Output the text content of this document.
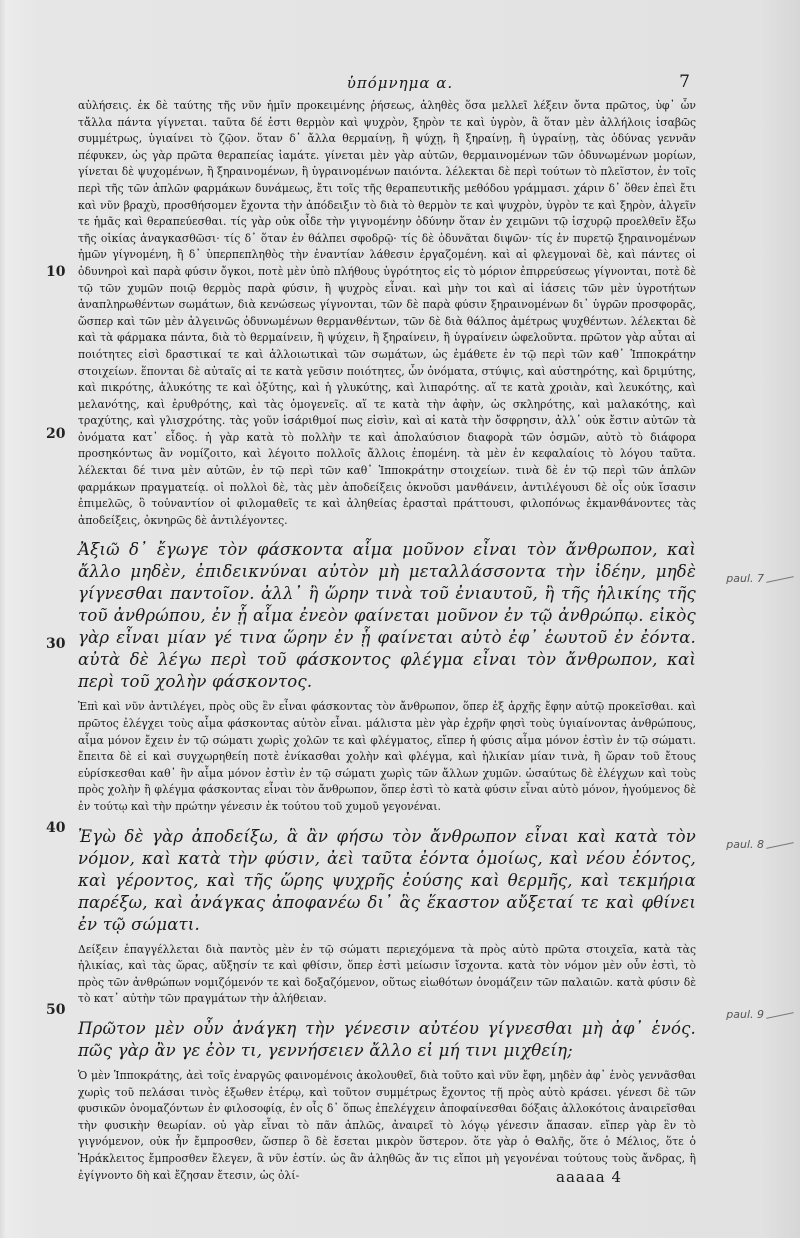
ὑπόμνημα α.	7
10
20
30
40
50

αὐλήσεις. ἐκ δὲ ταύτης τῆς νῦν ἡμῖν προκειμένης ῥήσεως, ἀληθὲς ὅσα μελλεῖ λέξειν ὄντα πρῶτος, ὑφ᾽ ὧν τἄλλα πάντα γίγνεται. ταῦτα δέ ἐστι θερμὸν καὶ ψυχρὸν, ξηρὸν τε καὶ ὑγρὸν, ἃ ὅταν μὲν ἀλλήλοις ἰσαβῶς συμμέτρως, ὑγιαίνει τὸ ζῷον. ὅταν δ᾽ ἄλλα θερμαίνῃ, ἢ ψύχῃ, ἢ ξηραίνῃ, ἢ ὑγραίνῃ, τὰς ὀδύνας γεννᾶν πέφυκεν, ὡς γὰρ πρῶτα θεραπείας ἰαμάτε. γίνεται μὲν γὰρ αὐτῶν, θερμαινομένων τῶν ὀδυνωμένων μορίων, γίνεται δὲ ψυχομένων, ἢ ξηραινομένων, ἢ ὑγραινομένων παιόντα. λέλεκται δὲ περὶ τούτων τὸ πλεῖστον, ἐν τοῖς περὶ τῆς τῶν ἁπλῶν φαρμάκων δυνάμεως, ἔτι τοῖς τῆς θεραπευτικῆς μεθόδου γράμμασι. χάριν δ᾽ ὅθεν ἐπεὶ ἔτι καὶ νῦν βραχὺ, προσθήσομεν ἔχοντα τὴν ἀπόδειξιν τὸ διὰ τὸ θερμὸν τε καὶ ψυχρὸν, ὑγρὸν τε καὶ ξηρὸν, ἀλγεῖν τε ἡμᾶς καὶ θεραπεύεσθαι. τίς γὰρ οὐκ οἶδε τὴν γιγνομένην ὀδύνην ὅταν ἐν χειμῶνι τῷ ἰσχυρῷ προελθεῖν ἔξω τῆς οἰκίας ἀναγκασθῶσι· τίς δ᾽ ὅταν ἐν θάλπει σφοδρῷ· τίς δὲ ὀδυνᾶται διψῶν· τίς ἐν πυρετῷ ξηραινομένων ἡμῶν γίγνομένη, ἢ δ᾽ ὑπερπεπληθὸς τὴν ἐναντίαν λάθεσιν ἐργαζομένη. καὶ αἱ φλεγμοναὶ δὲ, καὶ πάντες οἱ ὀδυνηροὶ καὶ παρὰ φύσιν ὄγκοι, ποτὲ μὲν ὑπὸ πλήθους ὑγρότητος εἰς τὸ μόριον ἐπιρρεύσεως γίγνονται, ποτὲ δὲ τῷ τῶν χυμῶν ποιῷ θερμὸς παρὰ φύσιν, ἢ ψυχρὸς εἶναι. καὶ μὴν τοι καὶ αἱ ἰάσεις τῶν μὲν ὑγροτήτων ἀναπληρωθέντων σωμάτων, διὰ κενώσεως γίγνονται, τῶν δὲ παρὰ φύσιν ξηραινομένων δι᾽ ὑγρῶν προσφορᾶς, ὥσπερ καὶ τῶν μὲν ἀλγεινῶς ὀδυνωμένων θερμανθέντων, τῶν δὲ διὰ θάλπος ἀμέτρως ψυχθέντων. λέλεκται δὲ καὶ τὰ φάρμακα πάντα, διὰ τὸ θερμαίνειν, ἢ ψύχειν, ἢ ξηραίνειν, ἢ ὑγραίνειν ὠφελοῦντα. πρῶτον γὰρ αὗται αἱ ποιότητες εἰσὶ δραστικαί τε καὶ ἀλλοιωτικαὶ τῶν σωμάτων, ὡς ἐμάθετε ἐν τῷ περὶ τῶν καθ᾽ Ἱπποκράτην στοιχείων. ἕπονται δὲ αὐταῖς αἱ τε κατὰ γεῦσιν ποιότητες, ὧν ὀνόματα, στύψις, καὶ αὐστηρότης, καὶ δριμύτης, καὶ πικρότης, ἁλυκότης τε καὶ ὀξύτης, καὶ ἡ γλυκύτης, καὶ λιπαρότης. αἵ τε κατὰ χροιὰν, καὶ λευκότης, καὶ μελανότης, καὶ ἐρυθρότης, καὶ τὰς ὁμογενεῖς. αἵ τε κατὰ τὴν ἀφὴν, ὡς σκληρότης, καὶ μαλακότης, καὶ τραχύτης, καὶ γλισχρότης. τὰς γοῦν ἰσάριθμοί πως εἰσὶν, καὶ αἱ κατὰ τὴν ὄσφρησιν, ἀλλ᾽ οὐκ ἔστιν αὐτῶν τὰ ὀνόματα κατ᾽ εἶδος. ἡ γὰρ κατὰ τὸ πολλὴν τε καὶ ἀπολαύσιον διαφορὰ τῶν ὀσμῶν, αὐτὸ τὸ διάφορα προσηκόντως ἂν νομίζοιτο, καὶ λέγοιτο πολλοῖς ἄλλοις ἑπομένη. τὰ μὲν ἐν κεφαλαίοις τὸ λόγου ταῦτα. λέλεκται δέ τινα μὲν αὐτῶν, ἐν τῷ περὶ τῶν καθ᾽ Ἱπποκράτην στοιχείων. τινὰ δὲ ἐν τῷ περὶ τῶν ἁπλῶν φαρμάκων πραγματείᾳ. οἱ πολλοὶ δὲ, τὰς μὲν ἀποδείξεις ὀκνοῦσι μανθάνειν, ἀντιλέγουσι δὲ οἷς οὐκ ἴσασιν ἐπιμελῶς, ὃ τοὐναντίον οἱ φιλομαθεῖς τε καὶ ἀληθείας ἐρασταὶ πράττουσι, φιλοπόνως ἐκμανθάνοντες τὰς ἀποδείξεις, ὀκνηρῶς δὲ ἀντιλέγοντες.

Ἀξιῶ δ᾽ ἔγωγε τὸν φάσκοντα αἷμα μοῦνον εἶναι τὸν ἄνθρωπον, καὶ ἄλλο μηδὲν, ἐπιδεικνύναι αὐτὸν μὴ μεταλλάσσοντα τὴν ἰδέην, μηδὲ γίγνεσθαι παντοῖον. ἀλλ᾽ ἢ ὥρην τινὰ τοῦ ἐνιαυτοῦ, ἢ τῆς ἡλικίης τῆς τοῦ ἀνθρώπου, ἐν ᾗ αἷμα ἐνεὸν φαίνεται μοῦνον ἐν τῷ ἀνθρώπῳ. εἰκὸς γὰρ εἶναι μίαν γέ τινα ὥρην ἐν ᾗ φαίνεται αὐτὸ ἐφ᾽ ἑωυτοῦ ἐν ἐόντα. αὐτὰ δὲ λέγω περὶ τοῦ φάσκοντος φλέγμα εἶναι τὸν ἄνθρωπον, καὶ περὶ τοῦ χολὴν φάσκοντος.

Ἐπὶ καὶ νῦν ἀντιλέγει, πρὸς οὓς ἓν εἶναι φάσκοντας τὸν ἄνθρωπον, ὅπερ ἐξ ἀρχῆς ἔφην αὐτῷ προκεῖσθαι. καὶ πρῶτος ἐλέγχει τοὺς αἷμα φάσκοντας αὐτὸν εἶναι. μάλιστα μὲν γὰρ ἐχρῆν φησὶ τοὺς ὑγιαίνοντας ἀνθρώπους, αἷμα μόνον ἔχειν ἐν τῷ σώματι χωρὶς χολῶν τε καὶ φλέγματος, εἴπερ ἡ φύσις αἷμα μόνον ἐστὶν ἐν τῷ σώματι. ἔπειτα δὲ εἰ καὶ συγχωρηθείη ποτὲ ἐνίκασθαι χολὴν καὶ φλέγμα, καὶ ἡλικίαν μίαν τινὰ, ἢ ὥραν τοῦ ἔτους εὑρίσκεσθαι καθ᾽ ἣν αἷμα μόνον ἐστὶν ἐν τῷ σώματι χωρὶς τῶν ἄλλων χυμῶν. ὡσαύτως δὲ ἐλέγχων καὶ τοὺς πρὸς χολὴν ἢ φλέγμα φάσκοντας εἶναι τὸν ἄνθρωπον, ὅπερ ἐστὶ τὸ κατὰ φύσιν εἶναι αὐτὸ μόνον, ἡγούμενος δὲ ἐν τούτῳ καὶ τὴν πρώτην γένεσιν ἐκ τούτου τοῦ χυμοῦ γεγονέναι.

Ἐγὼ δὲ γὰρ ἀποδείξω, ἃ ἂν φήσω τὸν ἄνθρωπον εἶναι καὶ κατὰ τὸν νόμον, καὶ κατὰ τὴν φύσιν, ἀεὶ ταῦτα ἐόντα ὁμοίως, καὶ νέου ἐόντος, καὶ γέροντος, καὶ τῆς ὥρης ψυχρῆς ἐούσης καὶ θερμῆς, καὶ τεκμήρια παρέξω, καὶ ἀνάγκας ἀποφανέω δι᾽ ἃς ἕκαστον αὔξεταί τε καὶ φθίνει ἐν τῷ σώματι.

Δείξειν ἐπαγγέλλεται διὰ παντὸς μὲν ἐν τῷ σώματι περιεχόμενα τὰ πρὸς αὐτὸ πρῶτα στοιχεῖα, κατὰ τὰς ἡλικίας, καὶ τὰς ὥρας, αὔξησίν τε καὶ φθίσιν, ὅπερ ἐστὶ μείωσιν ἴσχοντα. κατὰ τὸν νόμον μὲν οὖν ἐστὶ, τὸ πρὸς τῶν ἀνθρώπων νομιζόμενόν τε καὶ δοξαζόμενον, οὕτως εἰωθότων ὀνομάζειν τῶν παλαιῶν. κατὰ φύσιν δὲ τὸ κατ᾽ αὐτὴν τῶν πραγμάτων τὴν ἀλήθειαν.

Πρῶτον μὲν οὖν ἀνάγκη τὴν γένεσιν αὐτέου γίγνεσθαι μὴ ἀφ᾽ ἑνός. πῶς γὰρ ἂν γε ἐὸν τι, γεννήσειεν ἄλλο εἰ μή τινι μιχθείη;

Ὁ μὲν Ἱπποκράτης, ἀεὶ τοῖς ἐναργῶς φαινομένοις ἀκολουθεῖ, διὰ τοῦτο καὶ νῦν ἔφη, μηδὲν ἀφ᾽ ἑνὸς γεννᾶσθαι χωρὶς τοῦ πελάσαι τινὸς ἑξωθεν ἑτέρῳ, καὶ τοῦτον συμμέτρως ἔχοντος τῇ πρὸς αὐτὸ κράσει. γένεσι δὲ τῶν φυσικῶν ὀνομαζόντων ἐν φιλοσοφίᾳ, ἐν οἷς δ᾽ ὅπως ἐπελέγχειν ἀποφαίνεσθαι δόξαις ἀλλοκότοις ἀναιρεῖσθαι τὴν φυσικὴν θεωρίαν. οὐ γὰρ εἶναι τὸ πᾶν ἁπλῶς, ἀναιρεῖ τὸ λόγῳ γένεσιν ἅπασαν. εἴπερ γὰρ ἓν τὸ γιγνόμενον, οὐκ ἦν ἔμπροσθεν, ὥσπερ ὃ δὲ ἔσεται μικρὸν ὕστερον. ὅτε γὰρ ὁ Θαλῆς, ὅτε ὁ Μέλιος, ὅτε ὁ Ἡράκλειτος ἔμπροσθεν ἔλεγεν, ἃ νῦν ἐστίν. ὡς ἂν ἀληθῶς ἄν τις εἴποι μὴ γεγονέναι τούτους τοὺς ἄνδρας, ἢ ἐγίγνοντο δὴ καὶ ἔζησαν ἔτεσιν, ὡς ὀλί-

paul. 7
paul. 8
paul. 9
aaaaa 4
